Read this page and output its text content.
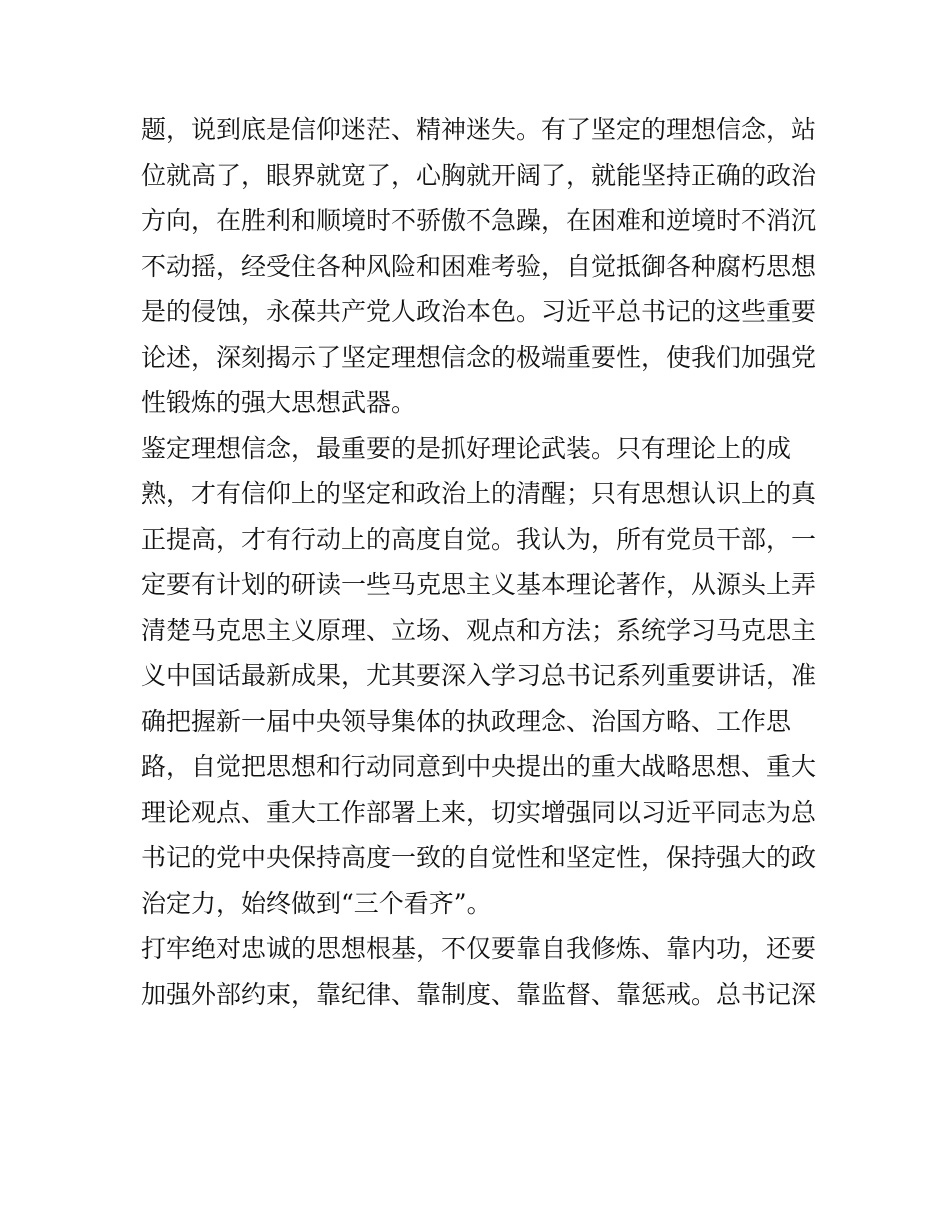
题，说到底是信仰迷茫、精神迷失。有了坚定的理想信念，站
位就高了，眼界就宽了，心胸就开阔了，就能坚持正确的政治
方向，在胜利和顺境时不骄傲不急躁，在困难和逆境时不消沉
不动摇，经受住各种风险和困难考验，自觉抵御各种腐朽思想
是的侵蚀，永葆共产党人政治本色。习近平总书记的这些重要
论述，深刻揭示了坚定理想信念的极端重要性，使我们加强党
性锻炼的强大思想武器。
鉴定理想信念，最重要的是抓好理论武装。只有理论上的成
熟，才有信仰上的坚定和政治上的清醒；只有思想认识上的真
正提高，才有行动上的高度自觉。我认为，所有党员干部，一
定要有计划的研读一些马克思主义基本理论著作，从源头上弄
清楚马克思主义原理、立场、观点和方法；系统学习马克思主
义中国话最新成果，尤其要深入学习总书记系列重要讲话，准
确把握新一届中央领导集体的执政理念、治国方略、工作思
路，自觉把思想和行动同意到中央提出的重大战略思想、重大
理论观点、重大工作部署上来，切实增强同以习近平同志为总
书记的党中央保持高度一致的自觉性和坚定性，保持强大的政
治定力，始终做到“三个看齐”。
打牢绝对忠诚的思想根基，不仅要靠自我修炼、靠内功，还要
加强外部约束，靠纪律、靠制度、靠监督、靠惩戒。总书记深
